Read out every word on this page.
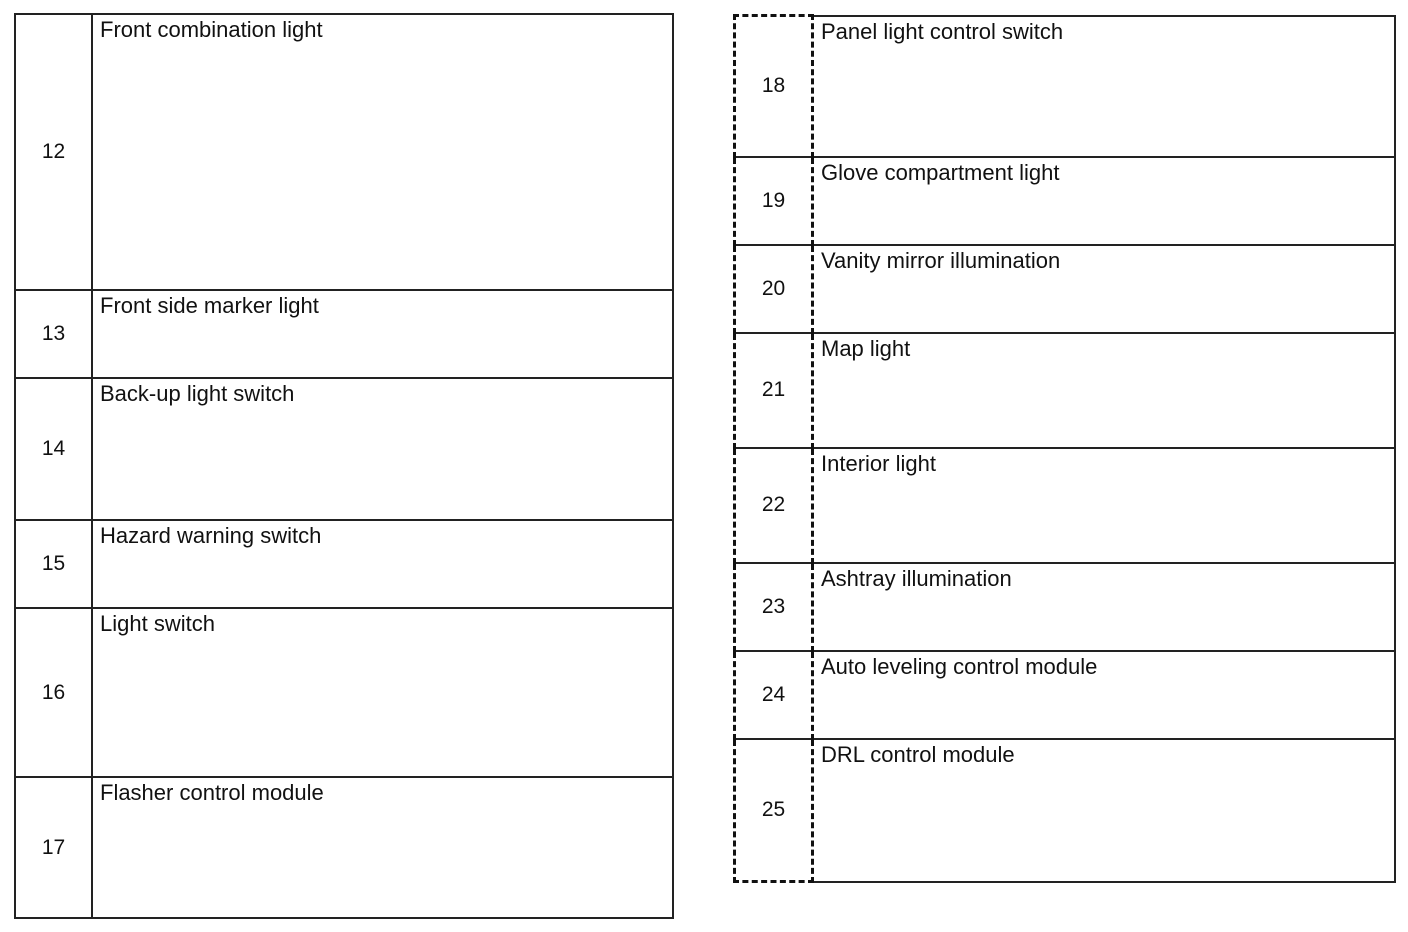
12	Front combination light
13	Front side marker light
14	Back-up light switch
15	Hazard warning switch
16	Light switch
17	Flasher control module
18	Panel light control switch
19	Glove compartment light
20	Vanity mirror illumination
21	Map light
22	Interior light
23	Ashtray illumination
24	Auto leveling control module
25	DRL control module
